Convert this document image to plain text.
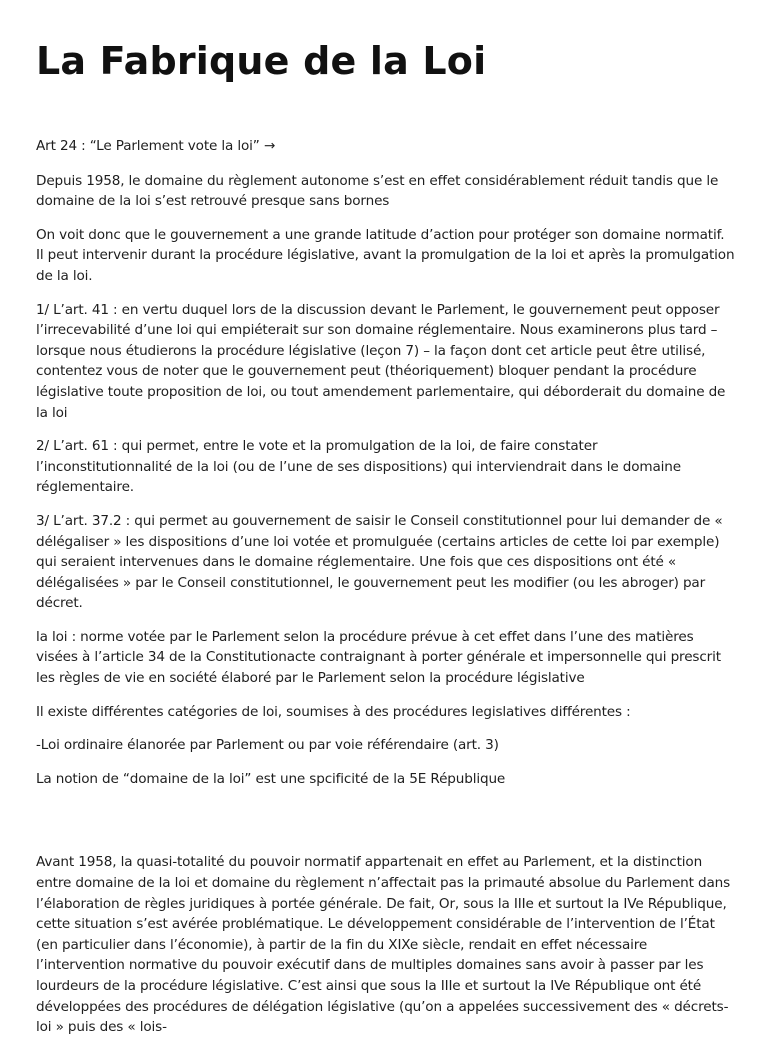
La Fabrique de la Loi

Art 24 : “Le Parlement vote la loi” →

Depuis 1958, le domaine du règlement autonome s’est en effet considérablement réduit tandis que le domaine de la loi s’est retrouvé presque sans bornes

On voit donc que le gouvernement a une grande latitude d’action pour protéger son domaine normatif. Il peut intervenir durant la procédure législative, avant la promulgation de la loi et après la promulgation de la loi.

1/ L’art. 41 : en vertu duquel lors de la discussion devant le Parlement, le gouvernement peut opposer l’irrecevabilité d’une loi qui empiéterait sur son domaine réglementaire. Nous examinerons plus tard – lorsque nous étudierons la procédure législative (leçon 7) – la façon dont cet article peut être utilisé, contentez vous de noter que le gouvernement peut (théoriquement) bloquer pendant la procédure législative toute proposition de loi, ou tout amendement parlementaire, qui déborderait du domaine de la loi

2/ L’art. 61 : qui permet, entre le vote et la promulgation de la loi, de faire constater l’inconstitutionnalité de la loi (ou de l’une de ses dispositions) qui interviendrait dans le domaine réglementaire.

3/ L’art. 37.2 : qui permet au gouvernement de saisir le Conseil constitutionnel pour lui demander de « délégaliser » les dispositions d’une loi votée et promulguée (certains articles de cette loi par exemple) qui seraient intervenues dans le domaine réglementaire. Une fois que ces dispositions ont été « délégalisées » par le Conseil constitutionnel, le gouvernement peut les modifier (ou les abroger) par décret.

la loi : norme votée par le Parlement selon la procédure prévue à cet effet dans l’une des matières visées à l’article 34 de la Constitutionacte contraignant à porter générale et impersonnelle qui prescrit les règles de vie en société élaboré par le Parlement selon la procédure législative

Il existe différentes catégories de loi, soumises à des procédures legislatives différentes :

-Loi ordinaire élanorée par Parlement ou par voie référendaire (art. 3)

La notion de “domaine de la loi” est une spcificité de la 5E République

Avant 1958, la quasi-totalité du pouvoir normatif appartenait en effet au Parlement, et la distinction entre domaine de la loi et domaine du règlement n’affectait pas la primauté absolue du Parlement dans l’élaboration de règles juridiques à portée générale. De fait, Or, sous la IIIe et surtout la IVe République, cette situation s’est avérée problématique. Le développement considérable de l’intervention de l’État (en particulier dans l’économie), à partir de la fin du XIXe siècle, rendait en effet nécessaire l’intervention normative du pouvoir exécutif dans de multiples domaines sans avoir à passer par les lourdeurs de la procédure législative. C’est ainsi que sous la IIIe et surtout la IVe République ont été développées des procédures de délégation législative (qu’on a appelées successivement des « décrets-loi » puis des « lois-
